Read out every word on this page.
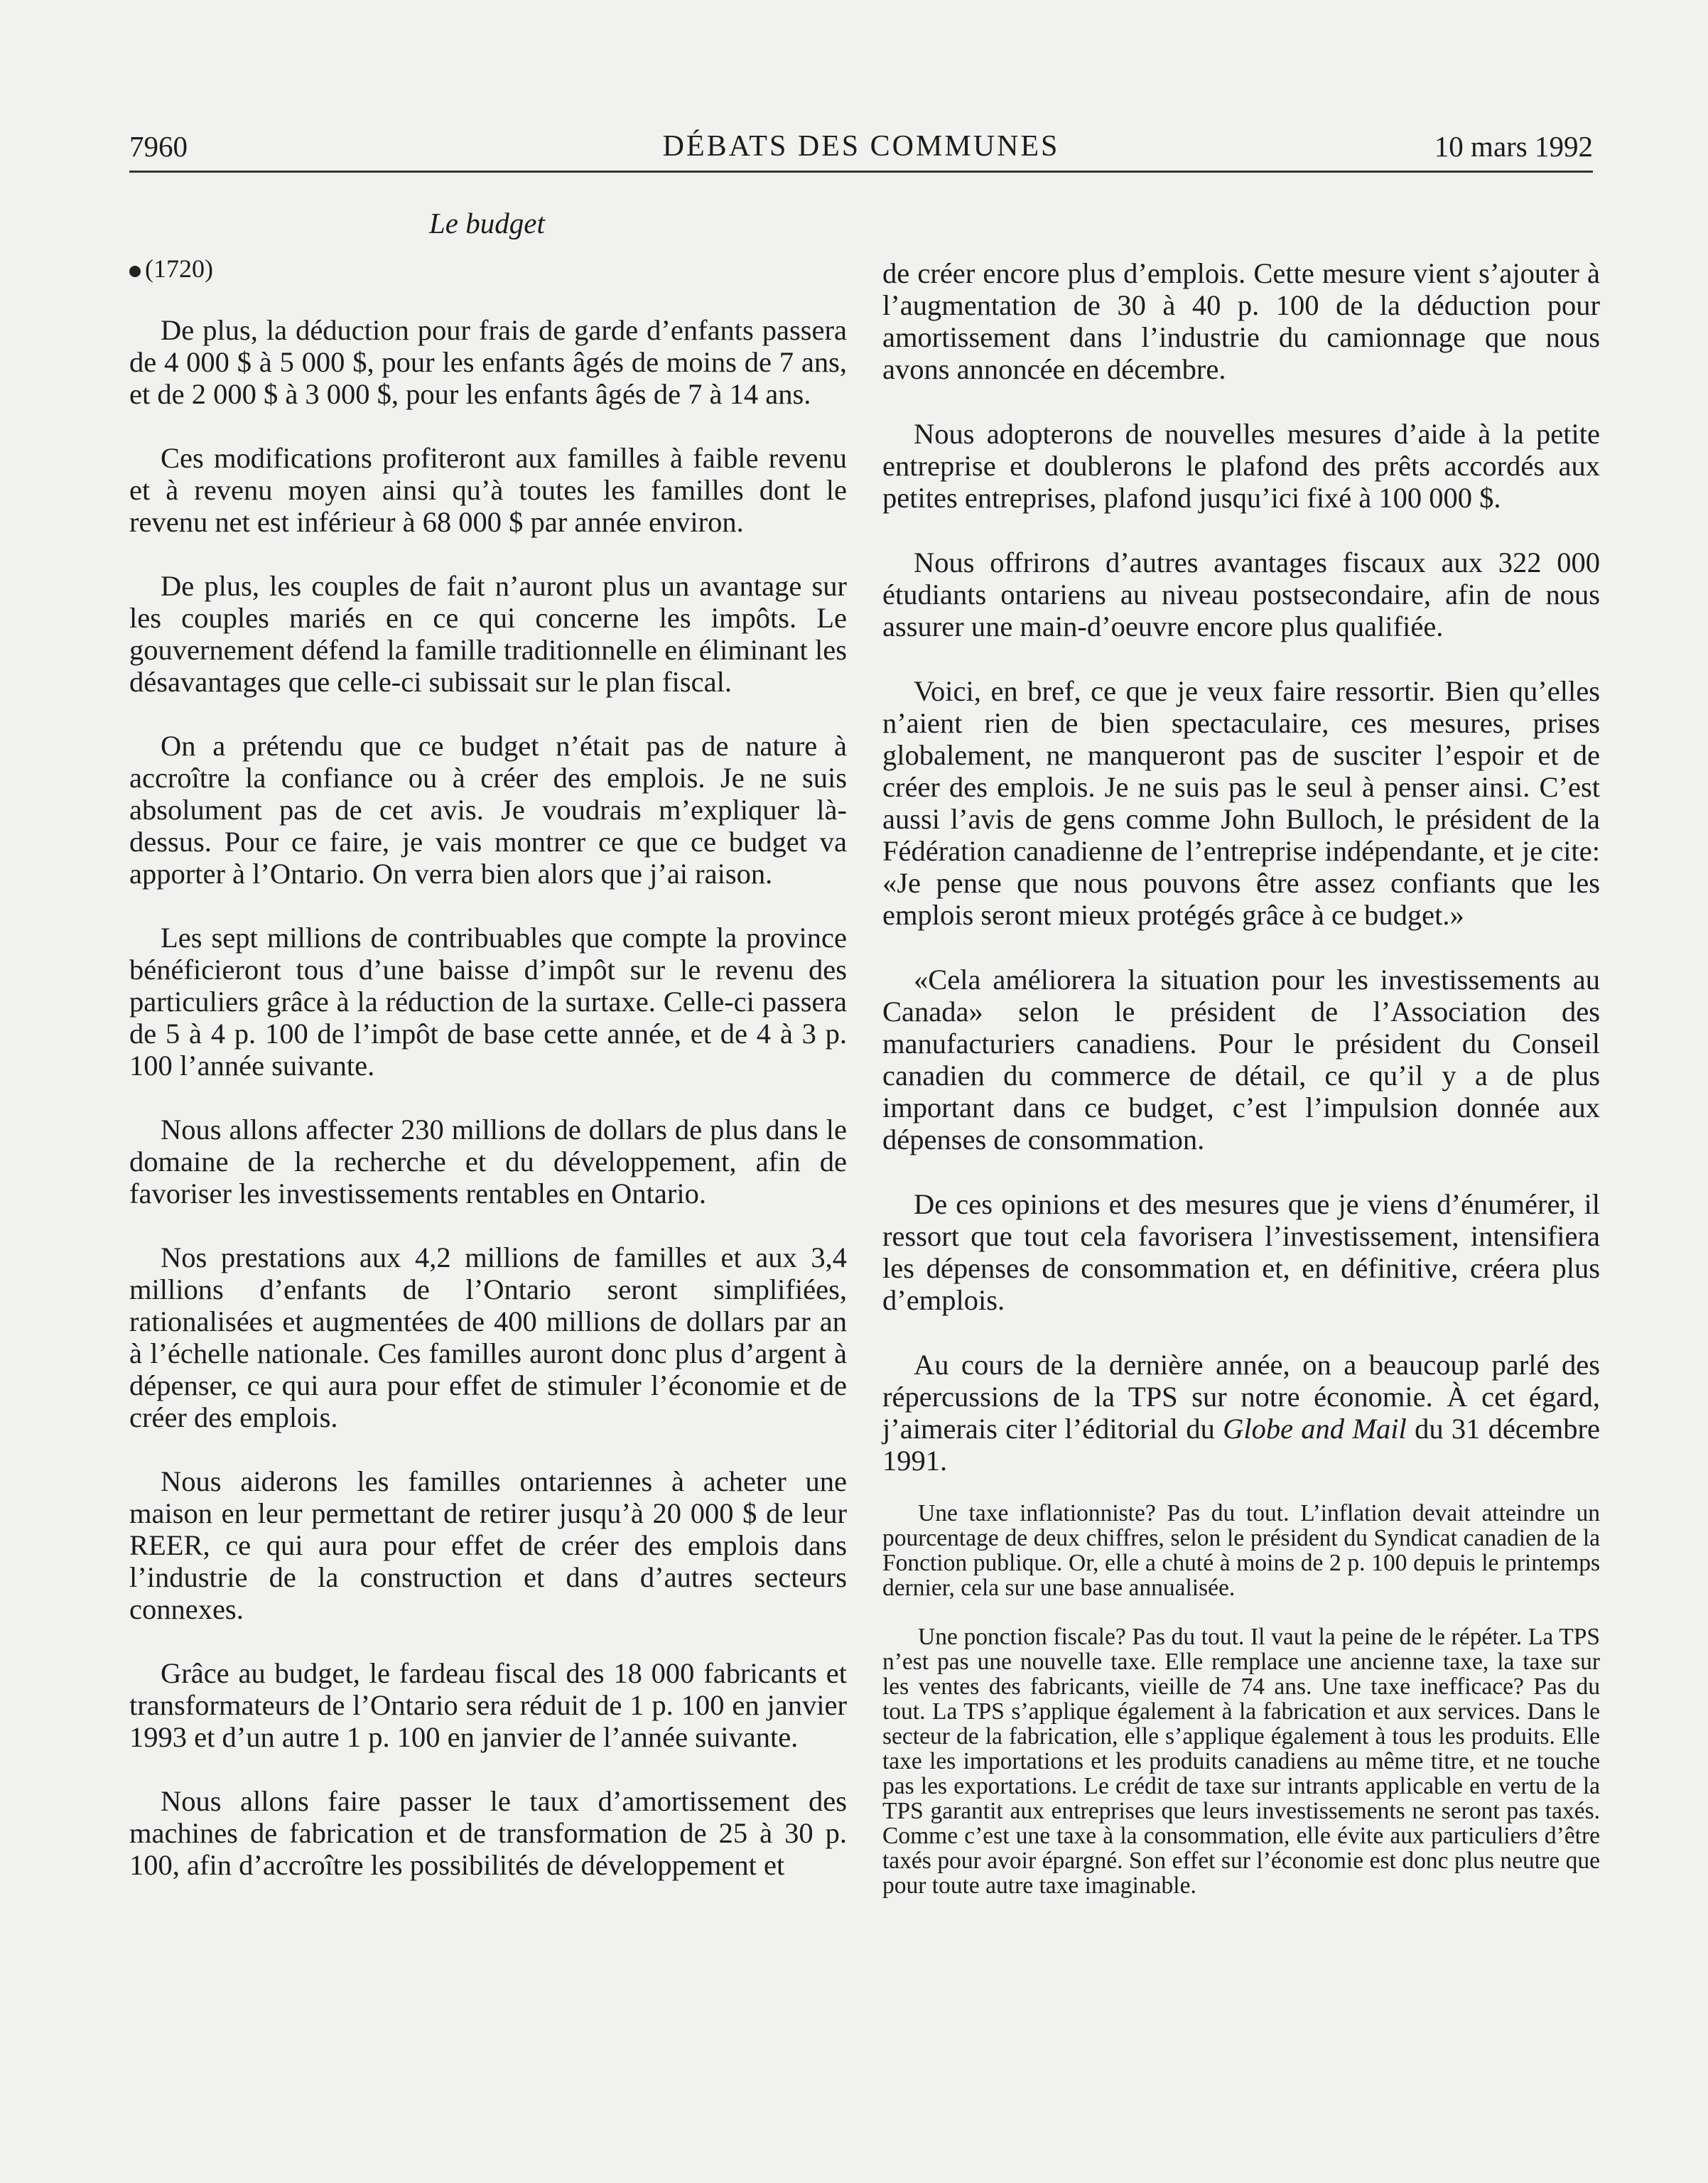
7960	DÉBATS DES COMMUNES	10 mars 1992
Le budget
(1720)

De plus, la déduction pour frais de garde d’enfants passera de 4 000 $ à 5 000 $, pour les enfants âgés de moins de 7 ans, et de 2 000 $ à 3 000 $, pour les enfants âgés de 7 à 14 ans.

Ces modifications profiteront aux familles à faible revenu et à revenu moyen ainsi qu’à toutes les familles dont le revenu net est inférieur à 68 000 $ par année environ.

De plus, les couples de fait n’auront plus un avantage sur les couples mariés en ce qui concerne les impôts. Le gouvernement défend la famille traditionnelle en éliminant les désavantages que celle-ci subissait sur le plan fiscal.

On a prétendu que ce budget n’était pas de nature à accroître la confiance ou à créer des emplois. Je ne suis absolument pas de cet avis. Je voudrais m’expliquer là-dessus. Pour ce faire, je vais montrer ce que ce budget va apporter à l’Ontario. On verra bien alors que j’ai raison.

Les sept millions de contribuables que compte la province bénéficieront tous d’une baisse d’impôt sur le revenu des particuliers grâce à la réduction de la surtaxe. Celle-ci passera de 5 à 4 p. 100 de l’impôt de base cette année, et de 4 à 3 p. 100 l’année suivante.

Nous allons affecter 230 millions de dollars de plus dans le domaine de la recherche et du développement, afin de favoriser les investissements rentables en Ontario.

Nos prestations aux 4,2 millions de familles et aux 3,4 millions d’enfants de l’Ontario seront simplifiées, rationalisées et augmentées de 400 millions de dollars par an à l’échelle nationale. Ces familles auront donc plus d’argent à dépenser, ce qui aura pour effet de stimuler l’économie et de créer des emplois.

Nous aiderons les familles ontariennes à acheter une maison en leur permettant de retirer jusqu’à 20 000 $ de leur REER, ce qui aura pour effet de créer des emplois dans l’industrie de la construction et dans d’autres secteurs connexes.

Grâce au budget, le fardeau fiscal des 18 000 fabricants et transformateurs de l’Ontario sera réduit de 1 p. 100 en janvier 1993 et d’un autre 1 p. 100 en janvier de l’année suivante.

Nous allons faire passer le taux d’amortissement des machines de fabrication et de transformation de 25 à 30 p. 100, afin d’accroître les possibilités de développement et

de créer encore plus d’emplois. Cette mesure vient s’ajouter à l’augmentation de 30 à 40 p. 100 de la déduction pour amortissement dans l’industrie du camionnage que nous avons annoncée en décembre.

Nous adopterons de nouvelles mesures d’aide à la petite entreprise et doublerons le plafond des prêts accordés aux petites entreprises, plafond jusqu’ici fixé à 100 000 $.

Nous offrirons d’autres avantages fiscaux aux 322 000 étudiants ontariens au niveau postsecondaire, afin de nous assurer une main-d’oeuvre encore plus qualifiée.

Voici, en bref, ce que je veux faire ressortir. Bien qu’elles n’aient rien de bien spectaculaire, ces mesures, prises globalement, ne manqueront pas de susciter l’espoir et de créer des emplois. Je ne suis pas le seul à penser ainsi. C’est aussi l’avis de gens comme John Bulloch, le président de la Fédération canadienne de l’entreprise indépendante, et je cite: «Je pense que nous pouvons être assez confiants que les emplois seront mieux protégés grâce à ce budget.»

«Cela améliorera la situation pour les investissements au Canada» selon le président de l’Association des manufacturiers canadiens. Pour le président du Conseil canadien du commerce de détail, ce qu’il y a de plus important dans ce budget, c’est l’impulsion donnée aux dépenses de consommation.

De ces opinions et des mesures que je viens d’énumérer, il ressort que tout cela favorisera l’investissement, intensifiera les dépenses de consommation et, en définitive, créera plus d’emplois.

Au cours de la dernière année, on a beaucoup parlé des répercussions de la TPS sur notre économie. À cet égard, j’aimerais citer l’éditorial du Globe and Mail du 31 décembre 1991.

Une taxe inflationniste? Pas du tout. L’inflation devait atteindre un pourcentage de deux chiffres, selon le président du Syndicat canadien de la Fonction publique. Or, elle a chuté à moins de 2 p. 100 depuis le printemps dernier, cela sur une base annualisée.

Une ponction fiscale? Pas du tout. Il vaut la peine de le répéter. La TPS n’est pas une nouvelle taxe. Elle remplace une ancienne taxe, la taxe sur les ventes des fabricants, vieille de 74 ans. Une taxe inefficace? Pas du tout. La TPS s’applique également à la fabrication et aux services. Dans le secteur de la fabrication, elle s’applique également à tous les produits. Elle taxe les importations et les produits canadiens au même titre, et ne touche pas les exportations. Le crédit de taxe sur intrants applicable en vertu de la TPS garantit aux entreprises que leurs investissements ne seront pas taxés. Comme c’est une taxe à la consommation, elle évite aux particuliers d’être taxés pour avoir épargné. Son effet sur l’économie est donc plus neutre que pour toute autre taxe imaginable.
